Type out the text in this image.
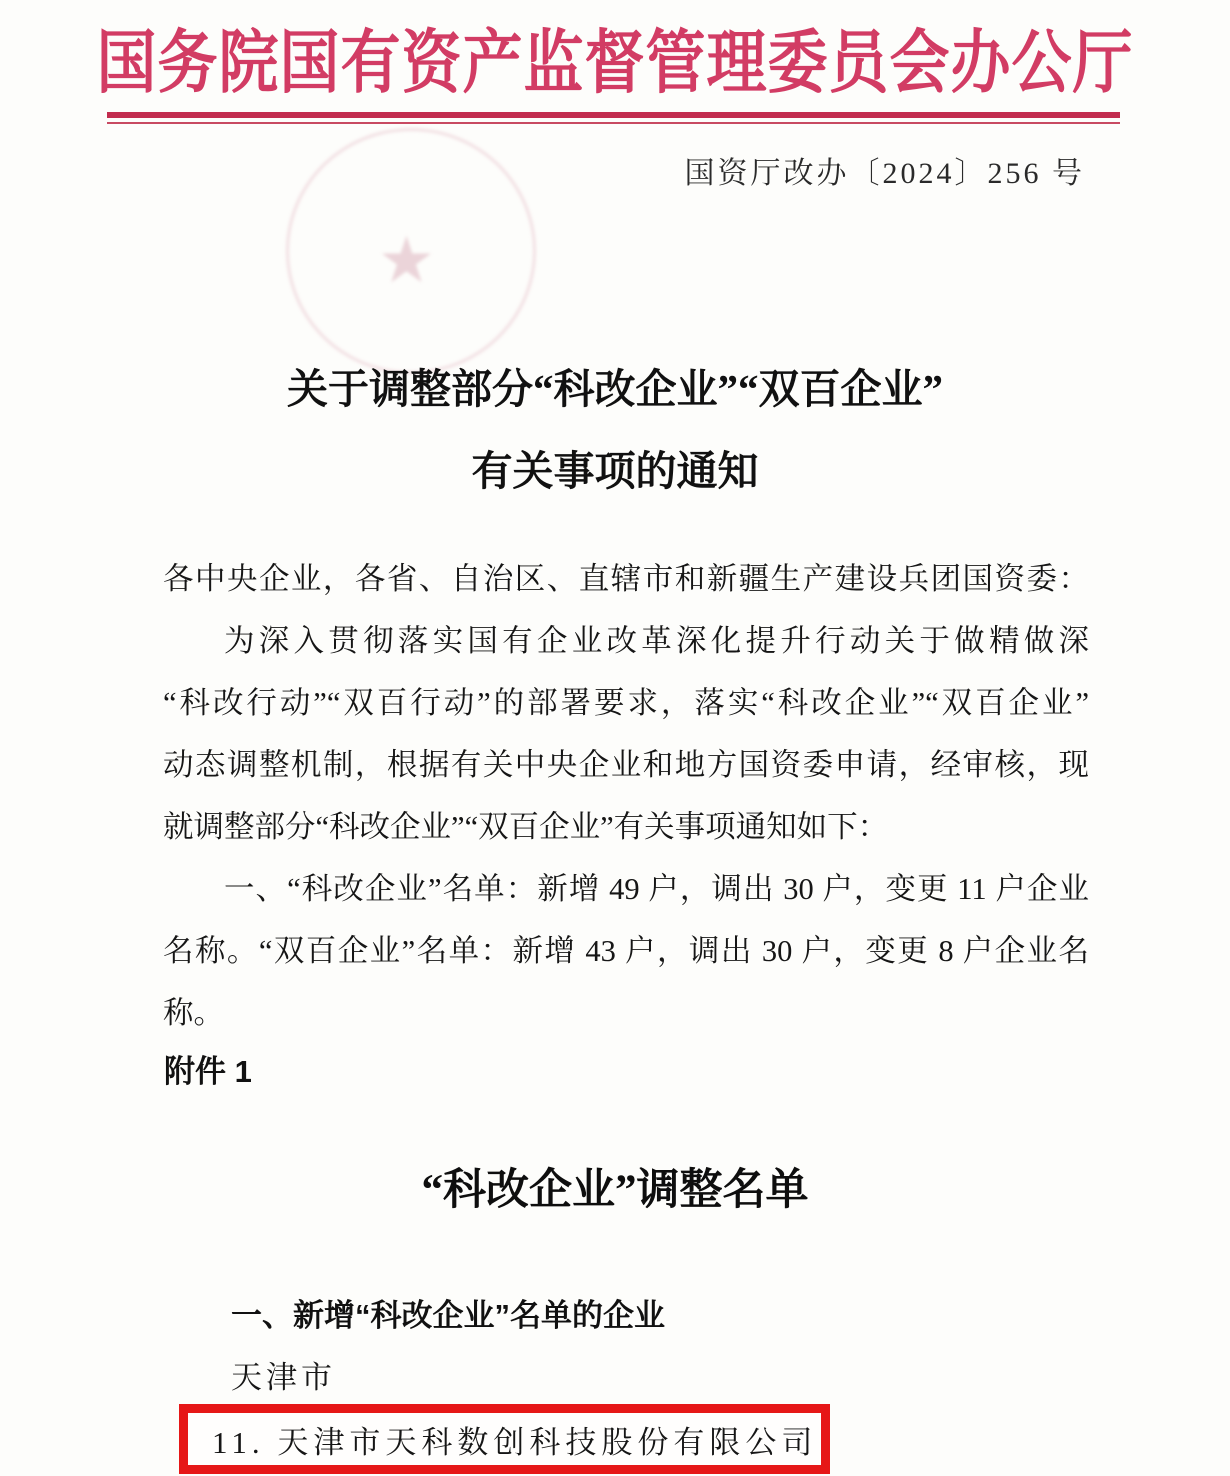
国务院国有资产监督管理委员会办公厅
国资厅改办〔2024〕256 号
★
关于调整部分“科改企业”“双百企业”
有关事项的通知
各中央企业，各省、自治区、直辖市和新疆生产建设兵团国资委：
为深入贯彻落实国有企业改革深化提升行动关于做精做深
“科改行动”“双百行动”的部署要求，落实“科改企业”“双百企业”
动态调整机制，根据有关中央企业和地方国资委申请，经审核，现
就调整部分“科改企业”“双百企业”有关事项通知如下：
一、“科改企业”名单：新增 49 户，调出 30 户，变更 11 户企业
名称。“双百企业”名单：新增 43 户，调出 30 户，变更 8 户企业名
称。
附件 1
“科改企业”调整名单
一、新增“科改企业”名单的企业
天津市
11. 天津市天科数创科技股份有限公司
